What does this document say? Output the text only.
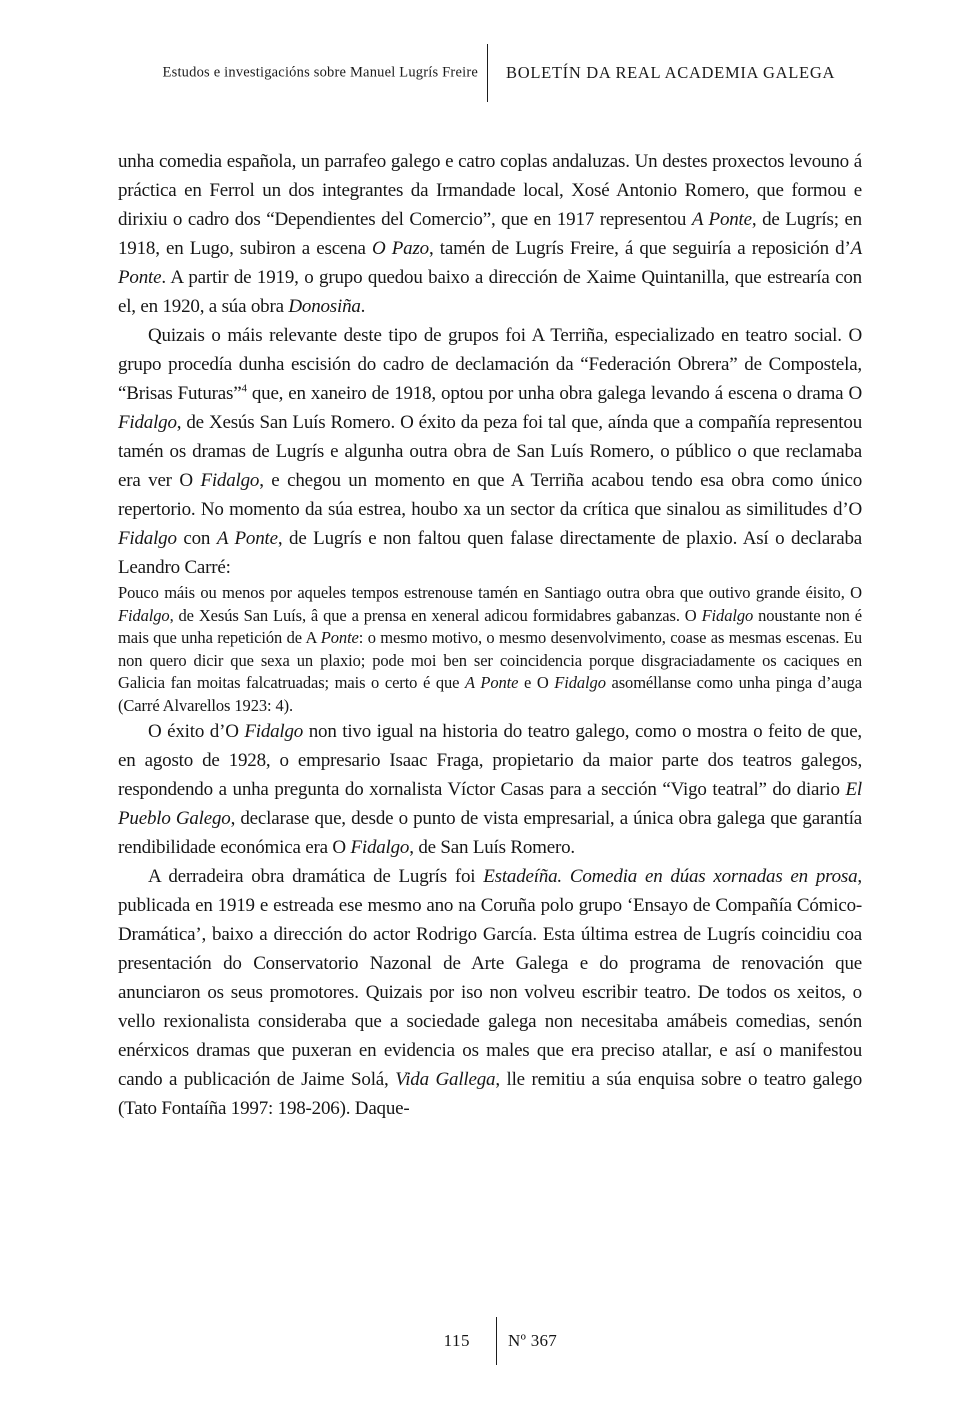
Estudos e investigacións sobre Manuel Lugrís Freire BOLETÍN DA REAL ACADEMIA GALEGA

unha comedia española, un parrafeo galego e catro coplas andaluzas. Un destes proxectos levouno á práctica en Ferrol un dos integrantes da Irmandade local, Xosé Antonio Romero, que formou e dirixiu o cadro dos “Dependientes del Comercio”, que en 1917 representou A Ponte, de Lugrís; en 1918, en Lugo, subiron a escena O Pazo, tamén de Lugrís Freire, á que seguiría a reposición d’A Ponte. A partir de 1919, o grupo quedou baixo a dirección de Xaime Quintanilla, que estrearía con el, en 1920, a súa obra Donosiña.

Quizais o máis relevante deste tipo de grupos foi A Terriña, especializado en teatro social. O grupo procedía dunha escisión do cadro de declamación da “Federación Obrera” de Compostela, “Brisas Futuras”$^4$ que, en xaneiro de 1918, optou por unha obra galega levando á escena o drama O Fidalgo, de Xesús San Luís Romero. O éxito da peza foi tal que, aínda que a compañía representou tamén os dramas de Lugrís e algunha outra obra de San Luís Romero, o público o que reclamaba era ver O Fidalgo, e chegou un momento en que A Terriña acabou tendo esa obra como único repertorio. No momento da súa estrea, houbo xa un sector da crítica que sinalou as similitudes d’O Fidalgo con A Ponte, de Lugrís e non faltou quen falase directamente de plaxio. Así o declaraba Leandro Carré:

Pouco máis ou menos por aqueles tempos estrenouse tamén en Santiago outra obra que outivo grande éisito, O Fidalgo, de Xesús San Luís, â que a prensa en xeneral adicou formidabres gabanzas. O Fidalgo noustante non é mais que unha repetición de A Ponte: o mesmo motivo, o mesmo desenvolvimento, coase as mesmas escenas. Eu non quero dicir que sexa un plaxio; pode moi ben ser coincidencia porque disgraciadamente os caciques en Galicia fan moitas falcatruadas; mais o certo é que A Ponte e O Fidalgo asoméllanse como unha pinga d’auga (Carré Alvarellos 1923: 4).

O éxito d’O Fidalgo non tivo igual na historia do teatro galego, como o mostra o feito de que, en agosto de 1928, o empresario Isaac Fraga, propietario da maior parte dos teatros galegos, respondendo a unha pregunta do xornalista Víctor Casas para a sección “Vigo teatral” do diario El Pueblo Galego, declarase que, desde o punto de vista empresarial, a única obra galega que garantía rendibilidade económica era O Fidalgo, de San Luís Romero.

A derradeira obra dramática de Lugrís foi Estadeíña. Comedia en dúas xornadas en prosa, publicada en 1919 e estreada ese mesmo ano na Coruña polo grupo ‘Ensayo de Compañía Cómico-Dramática’, baixo a dirección do actor Rodrigo García. Esta última estrea de Lugrís coincidiu coa presentación do Conservatorio Nazonal de Arte Galega e do programa de renovación que anunciaron os seus promotores. Quizais por iso non volveu escribir teatro. De todos os xeitos, o vello rexionalista consideraba que a sociedade galega non necesitaba amábeis comedias, senón enérxicos dramas que puxeran en evidencia os males que era preciso atallar, e así o manifestou cando a publicación de Jaime Solá, Vida Gallega, lle remitiu a súa enquisa sobre o teatro galego (Tato Fontaíña 1997: 198-206). Daque-

115 Nº 367
